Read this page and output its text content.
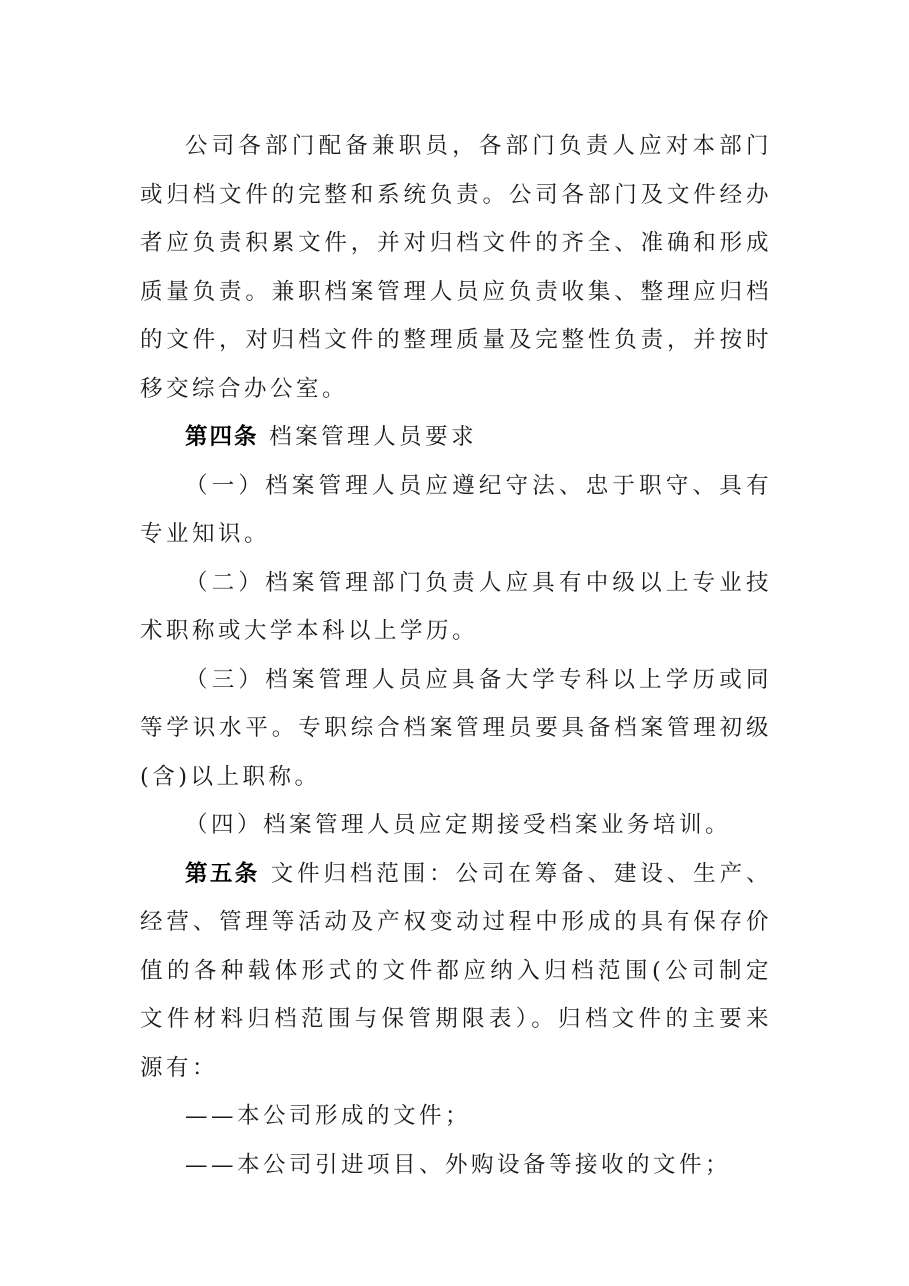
公司各部门配备兼职员，各部门负责人应对本部门或归档文件的完整和系统负责。公司各部门及文件经办者应负责积累文件，并对归档文件的齐全、准确和形成质量负责。兼职档案管理人员应负责收集、整理应归档的文件，对归档文件的整理质量及完整性负责，并按时移交综合办公室。

第四条 档案管理人员要求

（一）档案管理人员应遵纪守法、忠于职守、具有专业知识。

（二）档案管理部门负责人应具有中级以上专业技术职称或大学本科以上学历。

（三）档案管理人员应具备大学专科以上学历或同等学识水平。专职综合档案管理员要具备档案管理初级(含)以上职称。

（四）档案管理人员应定期接受档案业务培训。

第五条 文件归档范围：公司在筹备、建设、生产、经营、管理等活动及产权变动过程中形成的具有保存价值的各种载体形式的文件都应纳入归档范围(公司制定文件材料归档范围与保管期限表）。归档文件的主要来源有：

——本公司形成的文件；

——本公司引进项目、外购设备等接收的文件；
